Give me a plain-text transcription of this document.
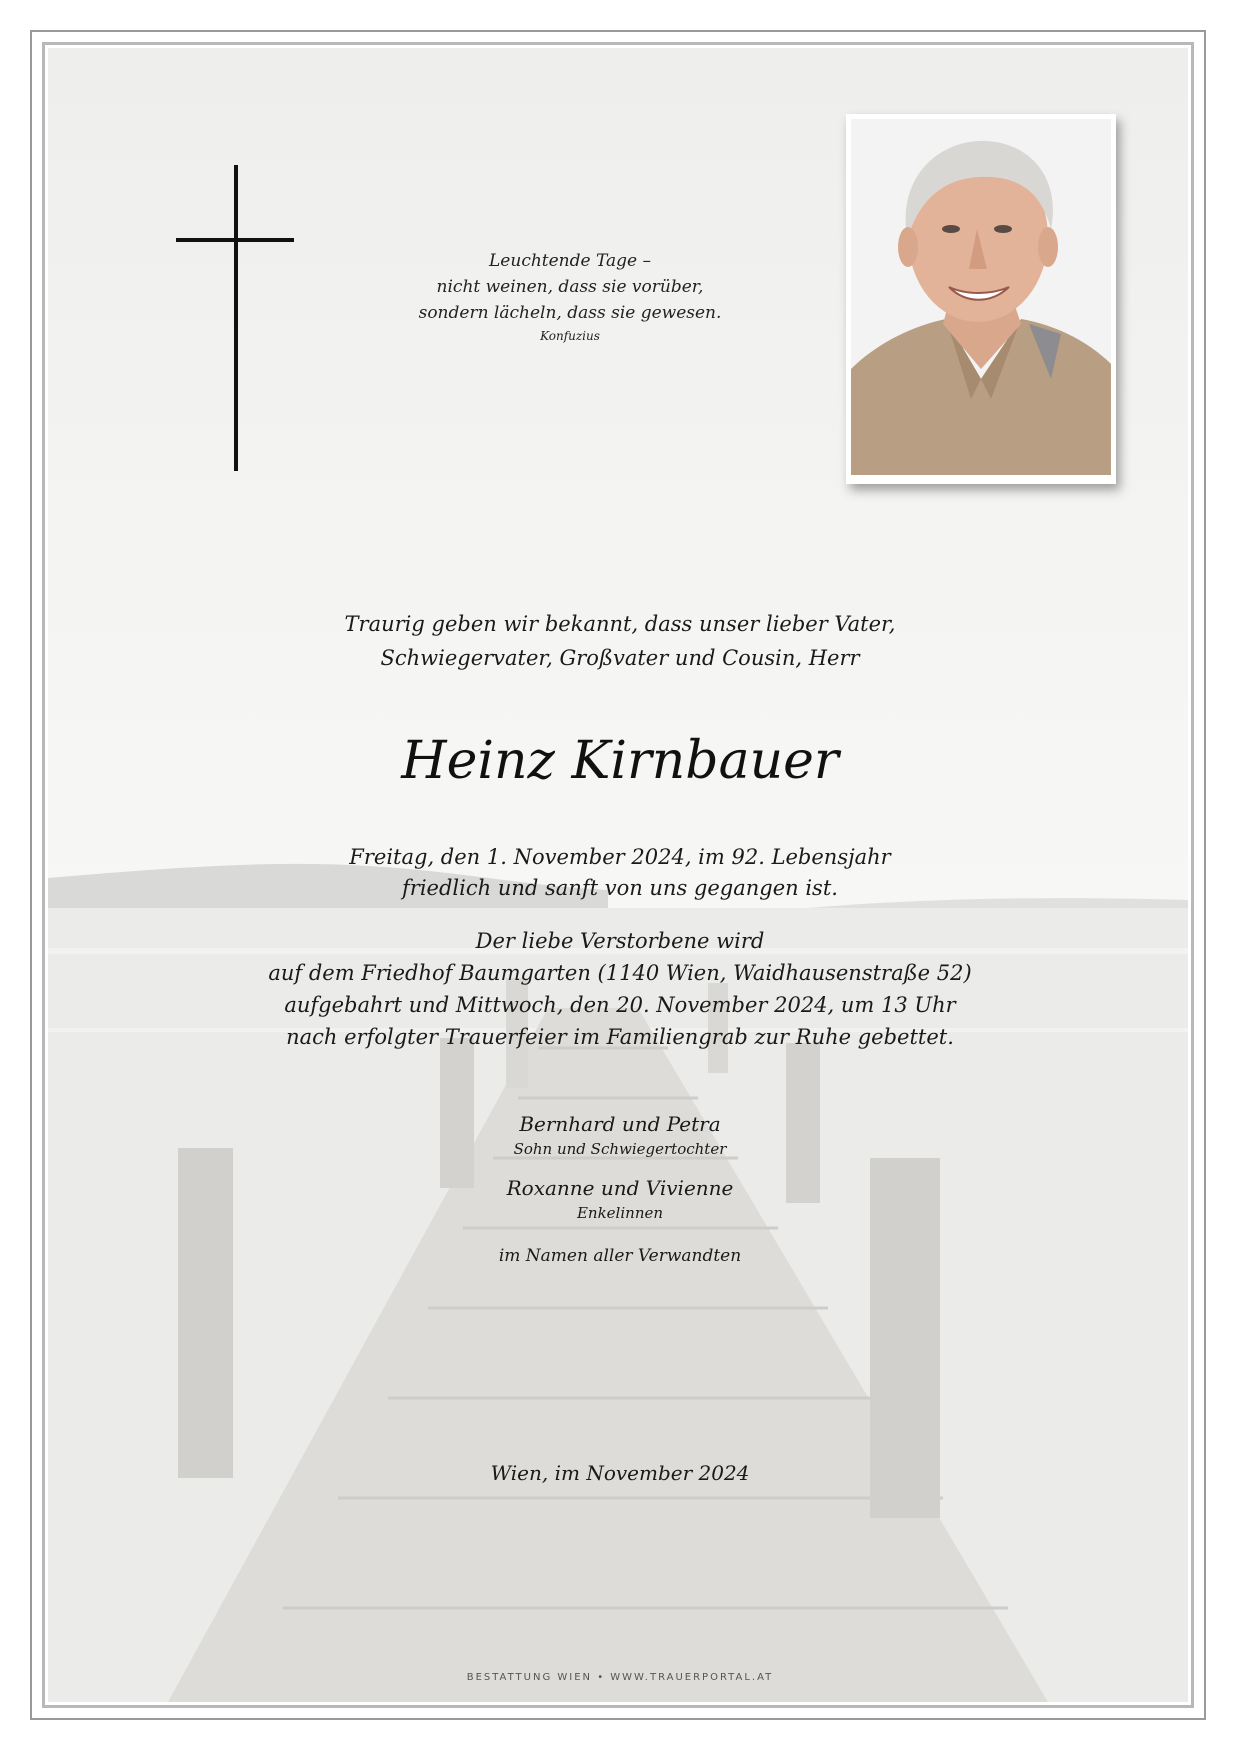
Leuchtende Tage –
nicht weinen, dass sie vorüber,
sondern lächeln, dass sie gewesen.
Konfuzius
Traurig geben wir bekannt, dass unser lieber Vater,
Schwiegervater, Großvater und Cousin, Herr
Heinz Kirnbauer
Freitag, den 1. November 2024, im 92. Lebensjahr
friedlich und sanft von uns gegangen ist.
Der liebe Verstorbene wird
auf dem Friedhof Baumgarten (1140 Wien, Waidhausenstraße 52)
aufgebahrt und Mittwoch, den 20. November 2024, um 13 Uhr
nach erfolgter Trauerfeier im Familiengrab zur Ruhe gebettet.
Bernhard und Petra
Sohn und Schwiegertochter
Roxanne und Vivienne
Enkelinnen
im Namen aller Verwandten
Wien, im November 2024
BESTATTUNG WIEN • WWW.TRAUERPORTAL.AT
